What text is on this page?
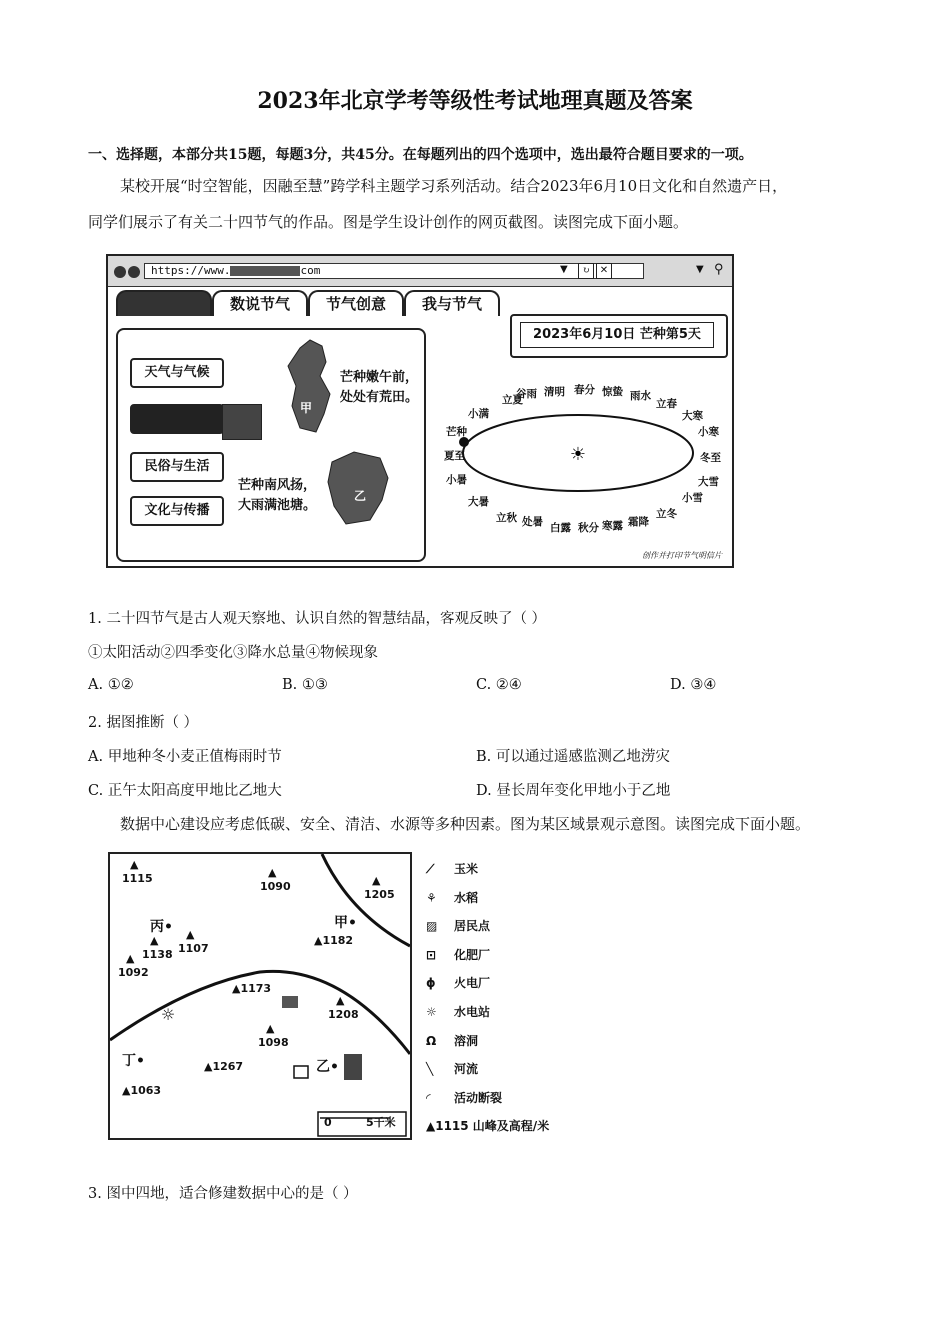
2023年北京学考等级性考试地理真题及答案
一、选择题，本部分共15题，每题3分，共45分。在每题列出的四个选项中，选出最符合题目要求的一项。
某校开展“时空智能，因融至慧”跨学科主题学习系列活动。结合2023年6月10日文化和自然遗产日，
同学们展示了有关二十四节气的作品。图是学生设计创作的网页截图。读图完成下面小题。
https://www.	com	▼	↻	✕	▼ ⚲
数说节气	节气创意	我与节气
天气与气候
民俗与生活
文化与传播
甲
乙
芒种嫩午前，
处处有荒田。
芒种南风扬，
大雨满池塘。
2023年6月10日 芒种第5天
☀
小满
立夏
谷雨 清明 春分 惊蛰 雨水
立春
大寒
小寒
冬至
大雪
小雪
立冬
霜降
寒露
秋分
白露
处暑
立秋
大暑
小暑
夏至
芒种
创作并打印节气明信片
1. 二十四节气是古人观天察地、认识自然的智慧结晶，客观反映了（ ）
①太阳活动②四季变化③降水总量④物候现象
A. ①②	B. ①③	C. ②④	D. ③④
2. 据图推断（ ）
A. 甲地种冬小麦正值梅雨时节	B. 可以通过遥感监测乙地涝灾
C. 正午太阳高度甲地比乙地大	D. 昼长周年变化甲地小于乙地
数据中心建设应考虑低碳、安全、清洁、水源等多种因素。图为某区域景观示意图。读图完成下面小题。
☼
0	5千米
▲
1115	▲
1090	▲
1205
▲
1138
▲
1107
▲1182
▲
1092
▲1173
▲
1208
▲
1098
▲1267
▲1063
丙•	甲•
乙•
丁•
⟋ 玉米
⚘ 水稻
▨ 居民点
⊡ 化肥厂
ϕ 火电厂
☼ 水电站
Ω 溶洞
╲ 河流
◜ 活动断裂
▲1115 山峰及高程/米
3. 图中四地，适合修建数据中心的是（ ）
